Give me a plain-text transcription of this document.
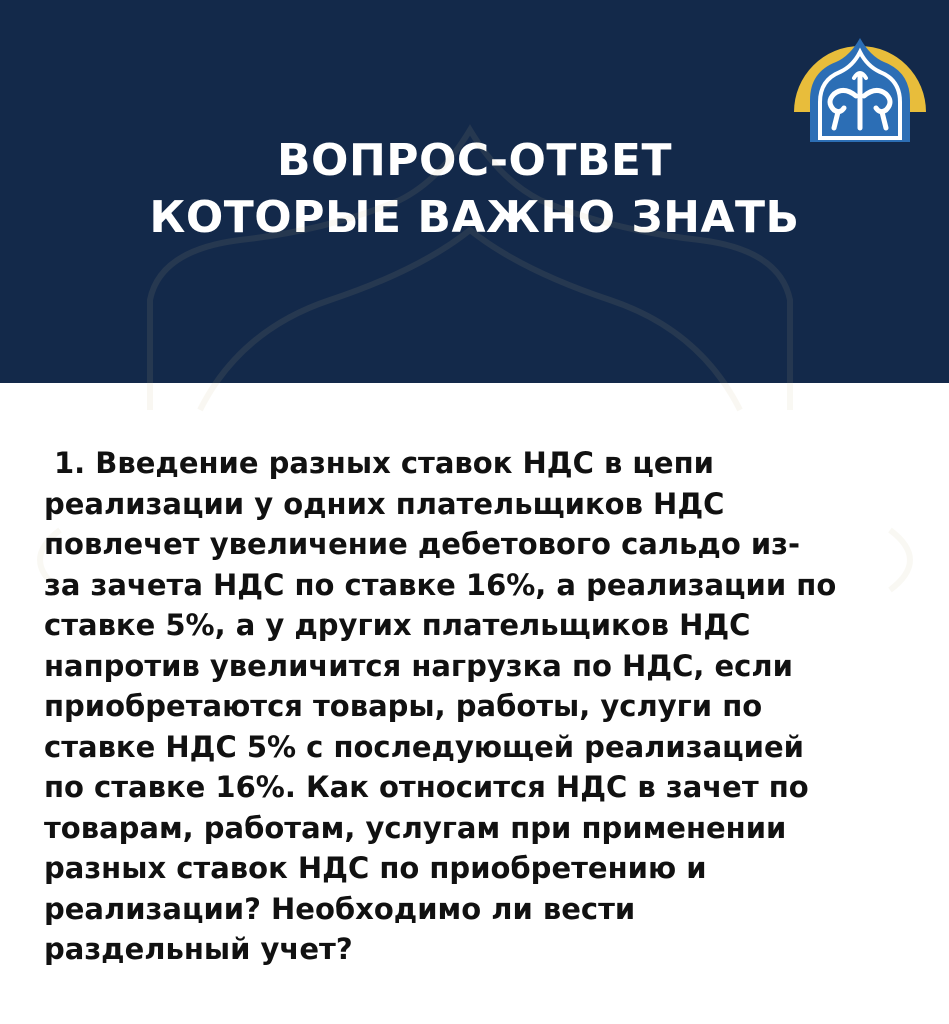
ВОПРОС-ОТВЕТ
КОТОРЫЕ ВАЖНО ЗНАТЬ
1. Введение разных ставок НДС в цепи
реализации у одних плательщиков НДС
повлечет увеличение дебетового сальдо из-
за зачета НДС по ставке 16%, а реализации по
ставке 5%, а у других плательщиков НДС
напротив увеличится нагрузка по НДС, если
приобретаются товары, работы, услуги по
ставке НДС 5% с последующей реализацией
по ставке 16%. Как относится НДС в зачет по
товарам, работам, услугам при применении
разных ставок НДС по приобретению и
реализации? Необходимо ли вести
раздельный учет?
